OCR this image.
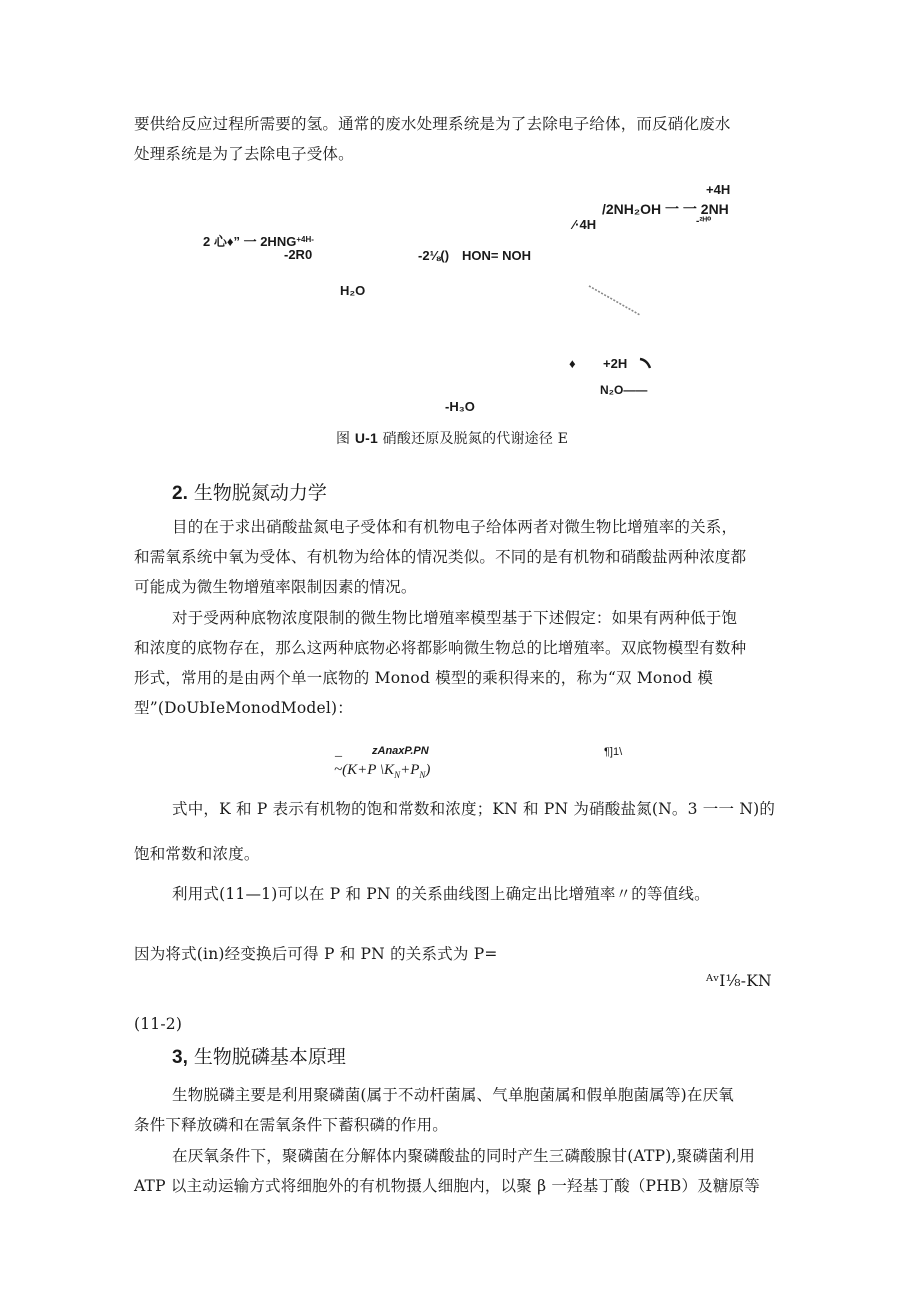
要供给反应过程所需要的氢。通常的废水处理系统是为了去除电子给体，而反硝化废水
处理系统是为了去除电子受体。
+4H
/2NH₂OH 一 一 2NH
⁄·4H	-²ᴴ⁰
2 心♦” 一 $2HNG^{+4H-}$
-2R0	-2⅛() HON= NOH
H₂O
♦ +2H
N₂O——
-H₃O
图 U-1 硝酸还原及脱氮的代谢途径 E
2. 生物脱氮动力学
目的在于求出硝酸盐氮电子受体和有机物电子给体两者对微生物比增殖率的关系，
和需氧系统中氧为受体、有机物为给体的情况类似。不同的是有机物和硝酸盐两种浓度都
可能成为微生物增殖率限制因素的情况。
对于受两种底物浓度限制的微生物比增殖率模型基于下述假定：如果有两种低于饱
和浓度的底物存在，那么这两种底物必将都影响微生物总的比增殖率。双底物模型有数种
形式，常用的是由两个单一底物的 Monod 模型的乘积得来的，称为“双 Monod 模
型”(DoUbIeMonodModel)：
_	zAnaxP.PN
~(K+P $\backslash K_N+P_N$)
¶]1\
式中，K 和 P 表示有机物的饱和常数和浓度；KN 和 PN 为硝酸盐氮(N。3 一一 N)的
饱和常数和浓度。
利用式(11—1)可以在 P 和 PN 的关系曲线图上确定出比增殖率〃的等值线。
因为将式(in)经变换后可得 P 和 PN 的关系式为 P=
ᴬᵛI⅛-KN
(11-2)
3, 生物脱磷基本原理
生物脱磷主要是利用聚磷菌(属于不动杆菌属、气单胞菌属和假单胞菌属等)在厌氧
条件下释放磷和在需氧条件下蓄积磷的作用。
在厌氧条件下，聚磷菌在分解体内聚磷酸盐的同时产生三磷酸腺甘(ATP),聚磷菌利用
ATP 以主动运输方式将细胞外的有机物摄人细胞内，以聚 β 一羟基丁酸（PHB）及糖原等
